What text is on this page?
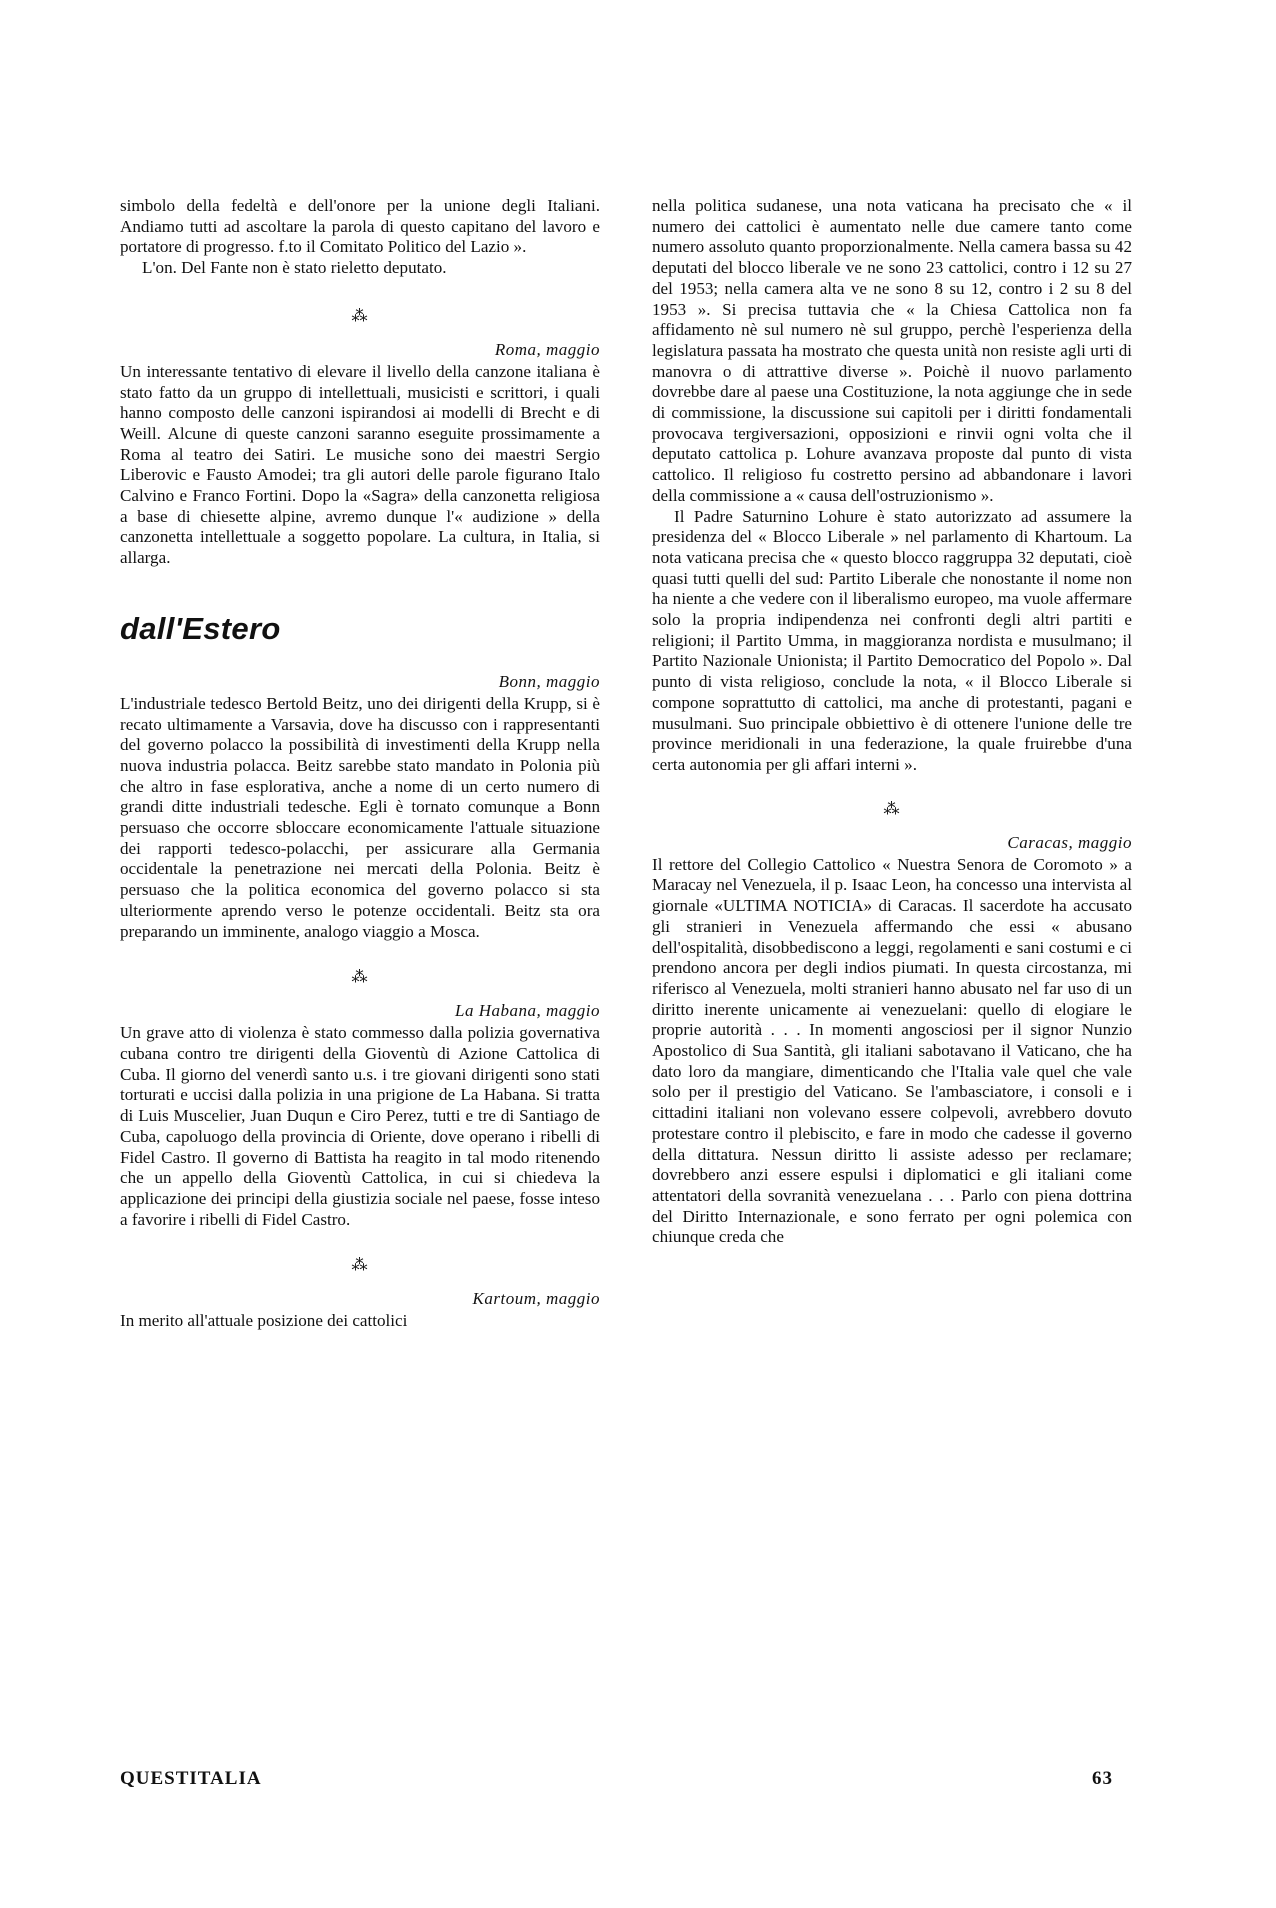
simbolo della fedeltà e dell'onore per la unione degli Italiani. Andiamo tutti ad ascoltare la parola di questo capitano del lavoro e portatore di progresso. f.to il Comitato Politico del Lazio ».

L'on. Del Fante non è stato rieletto deputato.

⁂
Roma, maggio

Un interessante tentativo di elevare il livello della canzone italiana è stato fatto da un gruppo di intellettuali, musicisti e scrittori, i quali hanno composto delle canzoni ispirandosi ai modelli di Brecht e di Weill. Alcune di queste canzoni saranno eseguite prossimamente a Roma al teatro dei Satiri. Le musiche sono dei maestri Sergio Liberovic e Fausto Amodei; tra gli autori delle parole figurano Italo Calvino e Franco Fortini. Dopo la «Sagra» della canzonetta religiosa a base di chiesette alpine, avremo dunque l'« audizione » della canzonetta intellettuale a soggetto popolare. La cultura, in Italia, si allarga.

dall'Estero
Bonn, maggio

L'industriale tedesco Bertold Beitz, uno dei dirigenti della Krupp, si è recato ultimamente a Varsavia, dove ha discusso con i rappresentanti del governo polacco la possibilità di investimenti della Krupp nella nuova industria polacca. Beitz sarebbe stato mandato in Polonia più che altro in fase esplorativa, anche a nome di un certo numero di grandi ditte industriali tedesche. Egli è tornato comunque a Bonn persuaso che occorre sbloccare economicamente l'attuale situazione dei rapporti tedesco-polacchi, per assicurare alla Germania occidentale la penetrazione nei mercati della Polonia. Beitz è persuaso che la politica economica del governo polacco si sta ulteriormente aprendo verso le potenze occidentali. Beitz sta ora preparando un imminente, analogo viaggio a Mosca.

⁂
La Habana, maggio

Un grave atto di violenza è stato commesso dalla polizia governativa cubana contro tre dirigenti della Gioventù di Azione Cattolica di Cuba. Il giorno del venerdì santo u.s. i tre giovani dirigenti sono stati torturati e uccisi dalla polizia in una prigione de La Habana. Si tratta di Luis Muscelier, Juan Duqun e Ciro Perez, tutti e tre di Santiago de Cuba, capoluogo della provincia di Oriente, dove operano i ribelli di Fidel Castro. Il governo di Battista ha reagito in tal modo ritenendo che un appello della Gioventù Cattolica, in cui si chiedeva la applicazione dei principi della giustizia sociale nel paese, fosse inteso a favorire i ribelli di Fidel Castro.

⁂
Kartoum, maggio

In merito all'attuale posizione dei cattolici

nella politica sudanese, una nota vaticana ha precisato che « il numero dei cattolici è aumentato nelle due camere tanto come numero assoluto quanto proporzionalmente. Nella camera bassa su 42 deputati del blocco liberale ve ne sono 23 cattolici, contro i 12 su 27 del 1953; nella camera alta ve ne sono 8 su 12, contro i 2 su 8 del 1953 ». Si precisa tuttavia che « la Chiesa Cattolica non fa affidamento nè sul numero nè sul gruppo, perchè l'esperienza della legislatura passata ha mostrato che questa unità non resiste agli urti di manovra o di attrattive diverse ». Poichè il nuovo parlamento dovrebbe dare al paese una Costituzione, la nota aggiunge che in sede di commissione, la discussione sui capitoli per i diritti fondamentali provocava tergiversazioni, opposizioni e rinvii ogni volta che il deputato cattolica p. Lohure avanzava proposte dal punto di vista cattolico. Il religioso fu costretto persino ad abbandonare i lavori della commissione a « causa dell'ostruzionismo ».

Il Padre Saturnino Lohure è stato autorizzato ad assumere la presidenza del « Blocco Liberale » nel parlamento di Khartoum. La nota vaticana precisa che « questo blocco raggruppa 32 deputati, cioè quasi tutti quelli del sud: Partito Liberale che nonostante il nome non ha niente a che vedere con il liberalismo europeo, ma vuole affermare solo la propria indipendenza nei confronti degli altri partiti e religioni; il Partito Umma, in maggioranza nordista e musulmano; il Partito Nazionale Unionista; il Partito Democratico del Popolo ». Dal punto di vista religioso, conclude la nota, « il Blocco Liberale si compone soprattutto di cattolici, ma anche di protestanti, pagani e musulmani. Suo principale obbiettivo è di ottenere l'unione delle tre province meridionali in una federazione, la quale fruirebbe d'una certa autonomia per gli affari interni ».

⁂
Caracas, maggio

Il rettore del Collegio Cattolico « Nuestra Senora de Coromoto » a Maracay nel Venezuela, il p. Isaac Leon, ha concesso una intervista al giornale «ULTIMA NOTICIA» di Caracas. Il sacerdote ha accusato gli stranieri in Venezuela affermando che essi « abusano dell'ospitalità, disobbediscono a leggi, regolamenti e sani costumi e ci prendono ancora per degli indios piumati. In questa circostanza, mi riferisco al Venezuela, molti stranieri hanno abusato nel far uso di un diritto inerente unicamente ai venezuelani: quello di elogiare le proprie autorità . . . In momenti angosciosi per il signor Nunzio Apostolico di Sua Santità, gli italiani sabotavano il Vaticano, che ha dato loro da mangiare, dimenticando che l'Italia vale quel che vale solo per il prestigio del Vaticano. Se l'ambasciatore, i consoli e i cittadini italiani non volevano essere colpevoli, avrebbero dovuto protestare contro il plebiscito, e fare in modo che cadesse il governo della dittatura. Nessun diritto li assiste adesso per reclamare; dovrebbero anzi essere espulsi i diplomatici e gli italiani come attentatori della sovranità venezuelana . . . Parlo con piena dottrina del Diritto Internazionale, e sono ferrato per ogni polemica con chiunque creda che

QUESTITALIA	63
